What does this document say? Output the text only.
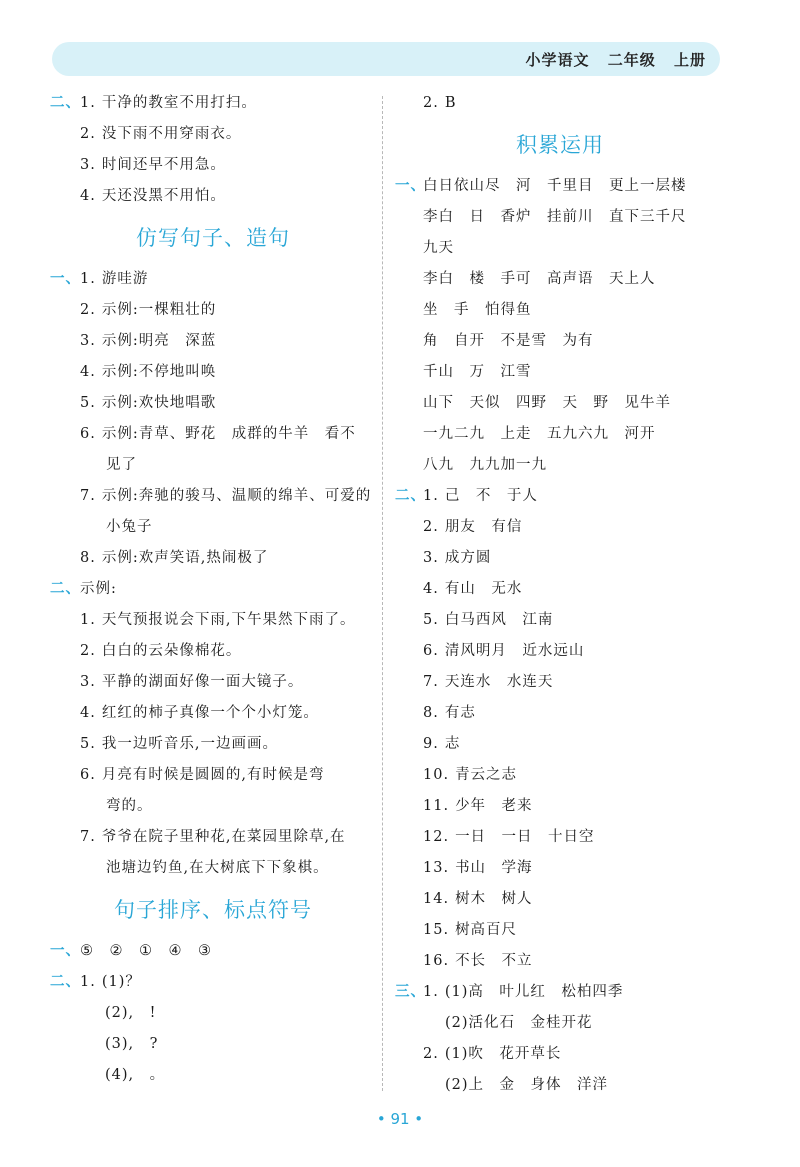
小学语文 二年级 上册
二、 1. 干净的教室不用打扫。
2. 没下雨不用穿雨衣。
3. 时间还早不用急。
4. 天还没黑不用怕。
仿写句子、造句
一、 1. 游哇游
2. 示例:一棵粗壮的
3. 示例:明亮　深蓝
4. 示例:不停地叫唤
5. 示例:欢快地唱歌
6. 示例:青草、野花　成群的牛羊　看不
见了
7. 示例:奔驰的骏马、温顺的绵羊、可爱的
小兔子
8. 示例:欢声笑语,热闹极了
二、 示例:
1. 天气预报说会下雨,下午果然下雨了。
2. 白白的云朵像棉花。
3. 平静的湖面好像一面大镜子。
4. 红红的柿子真像一个个小灯笼。
5. 我一边听音乐,一边画画。
6. 月亮有时候是圆圆的,有时候是弯
弯的。
7. 爷爷在院子里种花,在菜园里除草,在
池塘边钓鱼,在大树底下下象棋。
句子排序、标点符号
一、 ⑤　②　①　④　③
二、 1. (1)？
(2),　!
(3),　?
(4),　。
2. B
积累运用
一、
白日依山尽　河　千里目　更上一层楼
李白　日　香炉　挂前川　直下三千尺
九天
李白　楼　手可　高声语　天上人
坐　手　怕得鱼
角　自开　不是雪　为有
千山　万　江雪
山下　天似　四野　天　野　见牛羊
一九二九　上走　五九六九　河开
八九　九九加一九
二、
1. 己　不　于人
2. 朋友　有信
3. 成方圆
4. 有山　无水
5. 白马西风　江南
6. 清风明月　近水远山
7. 天连水　水连天
8. 有志
9. 志
10. 青云之志
11. 少年　老来
12. 一日　一日　十日空
13. 书山　学海
14. 树木　树人
15. 树高百尺
16. 不长　不立
三、
1. (1)高　叶儿红　松柏四季
(2)活化石　金桂开花
2. (1)吹　花开草长
(2)上　金　身体　洋洋
• 91 •
